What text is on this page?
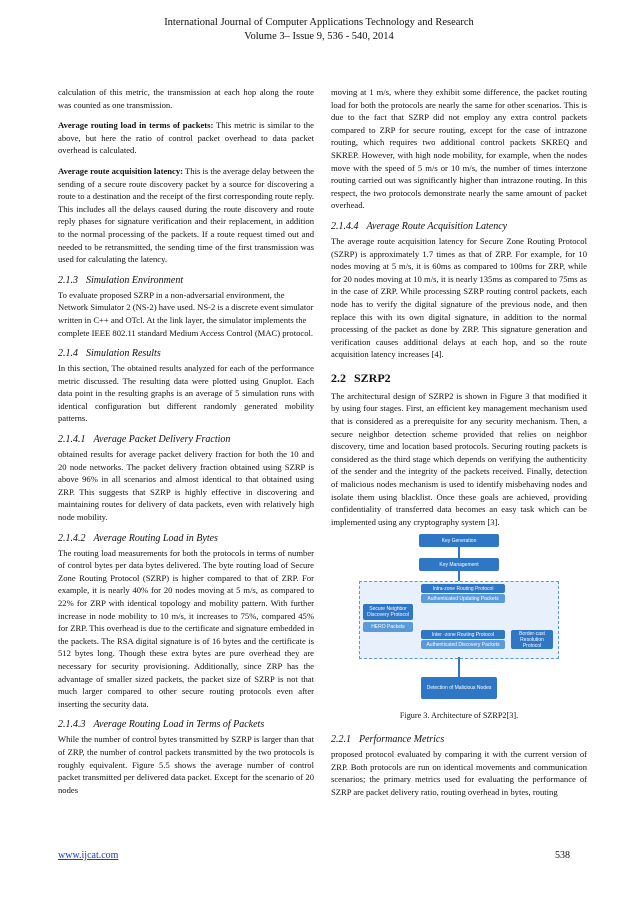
International Journal of Computer Applications Technology and Research
Volume 3– Issue 9, 536 - 540, 2014

calculation of this metric, the transmission at each hop along the route was counted as one transmission.

Average routing load in terms of packets: This metric is similar to the above, but here the ratio of control packet overhead to data packet overhead is calculated.

Average route acquisition latency: This is the average delay between the sending of a secure route discovery packet by a source for discovering a route to a destination and the receipt of the first corresponding route reply. This includes all the delays caused during the route discovery and route reply phases for signature verification and their replacement, in addition to the normal processing of the packets. If a route request timed out and needed to be retransmitted, the sending time of the first transmission was used for calculating the latency.

2.1.3 Simulation Environment

To evaluate proposed SZRP in a non-adversarial environment, the Network Simulator 2 (NS-2) have used. NS-2 is a discrete event simulator written in C++ and OTcl. At the link layer, the simulator implements the complete IEEE 802.11 standard Medium Access Control (MAC) protocol.

2.1.4 Simulation Results

In this section, The obtained results analyzed for each of the performance metric discussed. The resulting data were plotted using Gnuplot. Each data point in the resulting graphs is an average of 5 simulation runs with identical configuration but different randomly generated mobility patterns.

2.1.4.1 Average Packet Delivery Fraction

obtained results for average packet delivery fraction for both the 10 and 20 node networks. The packet delivery fraction obtained using SZRP is above 96% in all scenarios and almost identical to that obtained using ZRP. This suggests that SZRP is highly effective in discovering and maintaining routes for delivery of data packets, even with relatively high node mobility.

2.1.4.2 Average Routing Load in Bytes

The routing load measurements for both the protocols in terms of number of control bytes per data bytes delivered. The byte routing load of Secure Zone Routing Protocol (SZRP) is higher compared to that of ZRP. For example, it is nearly 40% for 20 nodes moving at 5 m/s, as compared to 22% for ZRP with identical topology and mobility pattern. With further increase in node mobility to 10 m/s, it increases to 75%, compared 45% for ZRP. This overhead is due to the certificate and signature embedded in the packets. The RSA digital signature is of 16 bytes and the certificate is 512 bytes long. Though these extra bytes are pure overhead they are necessary for security provisioning. Additionally, since ZRP has the advantage of smaller sized packets, the packet size of SZRP is not that much larger compared to other secure routing protocols even after inserting the security data.

2.1.4.3 Average Routing Load in Terms of Packets

While the number of control bytes transmitted by SZRP is larger than that of ZRP, the number of control packets transmitted by the two protocols is roughly equivalent. Figure 5.5 shows the average number of control packet transmitted per delivered data packet. Except for the scenario of 20 nodes

moving at 1 m/s, where they exhibit some difference, the packet routing load for both the protocols are nearly the same for other scenarios. This is due to the fact that SZRP did not employ any extra control packets compared to ZRP for secure routing, except for the case of intrazone routing, which requires two additional control packets SKREQ and SKREP. However, with high node mobility, for example, when the nodes move with the speed of 5 m/s or 10 m/s, the number of times interzone routing carried out was significantly higher than intrazone routing. In this respect, the two protocols demonstrate nearly the same amount of packet overhead.

2.1.4.4 Average Route Acquisition Latency

The average route acquisition latency for Secure Zone Routing Protocol (SZRP) is approximately 1.7 times as that of ZRP. For example, for 10 nodes moving at 5 m/s, it is 60ms as compared to 100ms for ZRP, while for 20 nodes moving at 10 m/s, it is nearly 135ms as compared to 75ms as in the case of ZRP. While processing SZRP routing control packets, each node has to verify the digital signature of the previous node, and then replace this with its own digital signature, in addition to the normal processing of the packet as done by ZRP. This signature generation and verification causes additional delays at each hop, and so the route acquisition latency increases [4].

2.2 SZRP2

The architectural design of SZRP2 is shown in Figure 3 that modified it by using four stages. First, an efficient key management mechanism used that is considered as a prerequisite for any security mechanism. Then, a secure neighbor detection scheme provided that relies on neighbor discovery, time and location based protocols. Securing routing packets is considered as the third stage which depends on verifying the authenticity of the sender and the integrity of the packets received. Finally, detection of malicious nodes mechanism is used to identify misbehaving nodes and isolate them using blacklist. Once these goals are achieved, providing confidentiality of transferred data becomes an easy task which can be implemented using any cryptography system [3].

Key Generation
Key Management
Intra-zone Routing Protocol
Authenticated Updating Packets
Secure Neighbor Discovery Protocol
HERO Packets
Inter -zone Routing Protocol
Authenticated Discovery Packets
Border-cast Resolution Protocol
Detection of Malicious Nodes
Figure 3. Architecture of SZRP2[3].
2.2.1 Performance Metrics

proposed protocol evaluated by comparing it with the current version of ZRP. Both protocols are run on identical movements and communication scenarios; the primary metrics used for evaluating the performance of SZRP are packet delivery ratio, routing overhead in bytes, routing

www.ijcat.com	538
